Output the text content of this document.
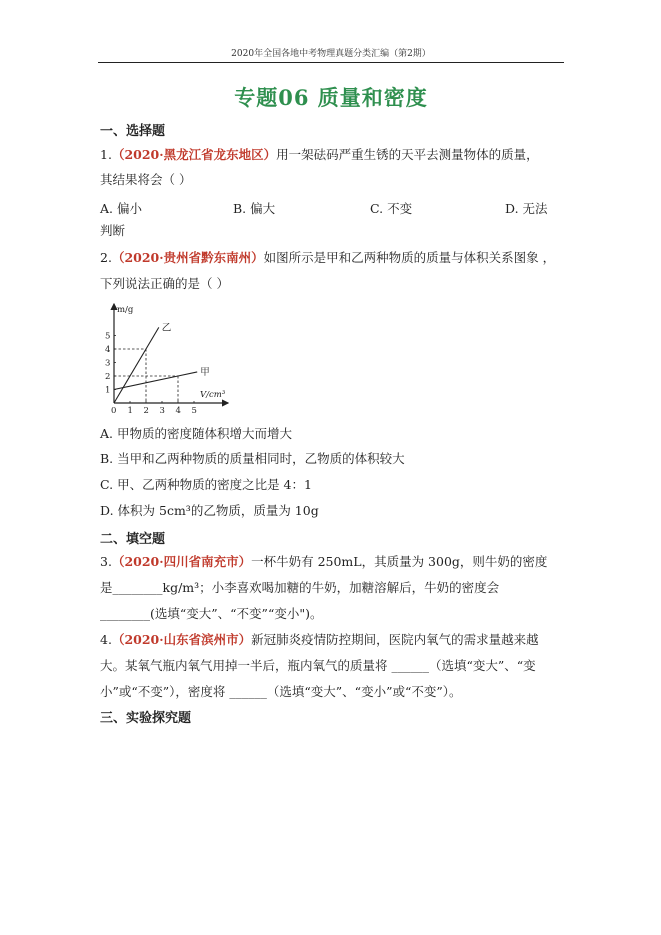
2020年全国各地中考物理真题分类汇编（第2期）
专题06 质量和密度
一、选择题
1.（2020·黑龙江省龙东地区）用一架砝码严重生锈的天平去测量物体的质量，
其结果将会（ ）
A. 偏小	B. 偏大	C. 不变	D. 无法
判断
2.（2020·贵州省黔东南州）如图所示是甲和乙两种物质的质量与体积关系图象 ，
下列说法正确的是（ ）
m/g
V/cm³
乙
甲
0 1 2 3 4 5
1
2
3
4
5
A. 甲物质的密度随体积增大而增大
B. 当甲和乙两种物质的质量相同时，乙物质的体积较大
C. 甲、乙两种物质的密度之比是 4：1
D. 体积为 5cm³的乙物质，质量为 10g
二、填空题
3.（2020·四川省南充市）一杯牛奶有 250mL，其质量为 300g，则牛奶的密度
是________kg/m³；小李喜欢喝加糖的牛奶，加糖溶解后，牛奶的密度会
________(选填“变大”、“不变”“变小")。
4.（2020·山东省滨州市）新冠肺炎疫情防控期间，医院内氧气的需求量越来越
大。某氧气瓶内氧气用掉一半后，瓶内氧气的质量将 ______（选填“变大”、“变
小”或“不变”），密度将 ______（选填“变大”、“变小”或“不变”）。
三、实验探究题
